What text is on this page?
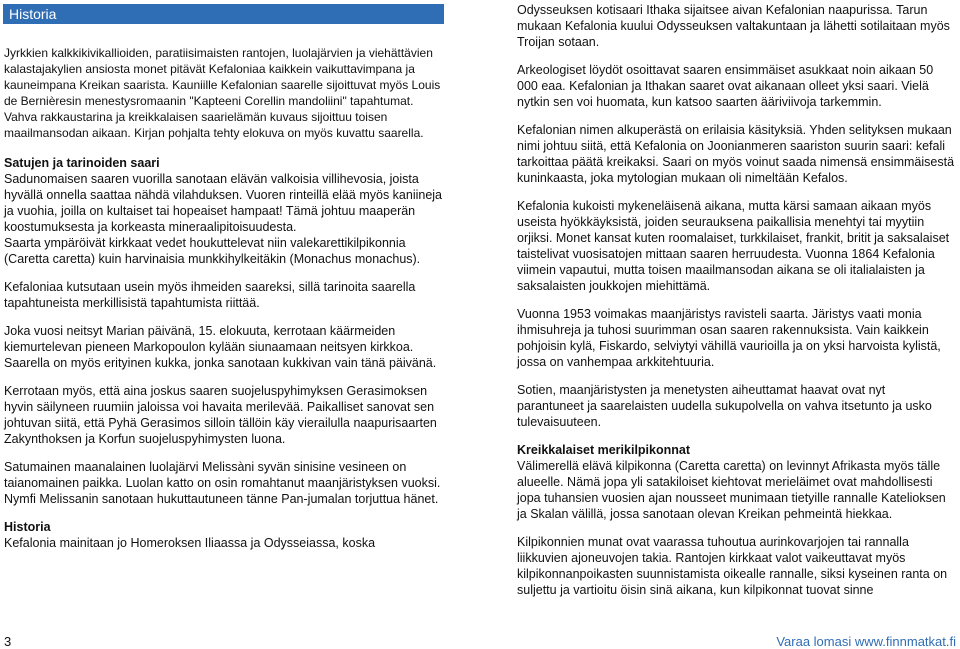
Historia

Jyrkkien kalkkikivikallioiden, paratiisimaisten rantojen, luolajärvien ja viehättävien kalastajakylien ansiosta monet pitävät Kefaloniaa kaikkein vaikuttavimpana ja kauneimpana Kreikan saarista. Kauniille Kefalonian saarelle sijoittuvat myös Louis de Bernièresin menestysromaanin "Kapteeni Corellin mandoliini" tapahtumat. Vahva rakkaustarina ja kreikkalaisen saarielämän kuvaus sijoittuu toisen maailmansodan aikaan. Kirjan pohjalta tehty elokuva on myös kuvattu saarella.

Satujen ja tarinoiden saari

Sadunomaisen saaren vuorilla sanotaan elävän valkoisia villihevosia, joista hyvällä onnella saattaa nähdä vilahduksen. Vuoren rinteillä elää myös kaniineja ja vuohia, joilla on kultaiset tai hopeaiset hampaat! Tämä johtuu maaperän koostumuksesta ja korkeasta mineraalipitoisuudesta.

Saarta ympäröivät kirkkaat vedet houkuttelevat niin valekarettikilpikonnia (Caretta caretta) kuin harvinaisia munkkihylkeitäkin (Monachus monachus).

Kefaloniaa kutsutaan usein myös ihmeiden saareksi, sillä tarinoita saarella tapahtuneista merkillisistä tapahtumista riittää.

Joka vuosi neitsyt Marian päivänä, 15. elokuuta, kerrotaan käärmeiden kiemurtelevan pieneen Markopoulon kylään siunaamaan neitsyen kirkkoa. Saarella on myös erityinen kukka, jonka sanotaan kukkivan vain tänä päivänä.

Kerrotaan myös, että aina joskus saaren suojeluspyhimyksen Gerasimoksen hyvin säilyneen ruumiin jaloissa voi havaita merilevää. Paikalliset sanovat sen johtuvan siitä, että Pyhä Gerasimos silloin tällöin käy vierailulla naapurisaarten Zakynthoksen ja Korfun suojeluspyhimysten luona.

Satumainen maanalainen luolajärvi Melissàni syvän sinisine vesineen on taianomainen paikka. Luolan katto on osin romahtanut maanjäristyksen vuoksi. Nymfi Melissanin sanotaan hukuttautuneen tänne Pan-jumalan torjuttua hänet.

Historia

Kefalonia mainitaan jo Homeroksen Iliaassa ja Odysseiassa, koska

Odysseuksen kotisaari Ithaka sijaitsee aivan Kefalonian naapurissa. Tarun mukaan Kefalonia kuului Odysseuksen valtakuntaan ja lähetti sotilaitaan myös Troijan sotaan.

Arkeologiset löydöt osoittavat saaren ensimmäiset asukkaat noin aikaan 50 000 eaa. Kefalonian ja Ithakan saaret ovat aikanaan olleet yksi saari. Vielä nytkin sen voi huomata, kun katsoo saarten ääriviivoja tarkemmin.

Kefalonian nimen alkuperästä on erilaisia käsityksiä. Yhden selityksen mukaan nimi johtuu siitä, että Kefalonia on Joonianmeren saariston suurin saari: kefali tarkoittaa päätä kreikaksi. Saari on myös voinut saada nimensä ensimmäisestä kuninkaasta, joka mytologian mukaan oli nimeltään Kefalos.

Kefalonia kukoisti mykeneläisenä aikana, mutta kärsi samaan aikaan myös useista hyökkäyksistä, joiden seurauksena paikallisia menehtyi tai myytiin orjiksi. Monet kansat kuten roomalaiset, turkkilaiset, frankit, britit ja saksalaiset taistelivat vuosisatojen mittaan saaren herruudesta. Vuonna 1864 Kefalonia viimein vapautui, mutta toisen maailmansodan aikana se oli italialaisten ja saksalaisten joukkojen miehittämä.

Vuonna 1953 voimakas maanjäristys ravisteli saarta. Järistys vaati monia ihmisuhreja ja tuhosi suurimman osan saaren rakennuksista. Vain kaikkein pohjoisin kylä, Fiskardo, selviytyi vähillä vaurioilla ja on yksi harvoista kylistä, jossa on vanhempaa arkkitehtuuria.

Sotien, maanjäristysten ja menetysten aiheuttamat haavat ovat nyt parantuneet ja saarelaisten uudella sukupolvella on vahva itsetunto ja usko tulevaisuuteen.

Kreikkalaiset merikilpikonnat

Välimerellä elävä kilpikonna (Caretta caretta) on levinnyt Afrikasta myös tälle alueelle. Nämä jopa yli satakiloiset kiehtovat merieläimet ovat mahdollisesti jopa tuhansien vuosien ajan nousseet munimaan tietyille rannalle Katelioksen ja Skalan välillä, jossa sanotaan olevan Kreikan pehmeintä hiekkaa.

Kilpikonnien munat ovat vaarassa tuhoutua aurinkovarjojen tai rannalla liikkuvien ajoneuvojen takia. Rantojen kirkkaat valot vaikeuttavat myös kilpikonnanpoikasten suunnistamista oikealle rannalle, siksi kyseinen ranta on suljettu ja vartioitu öisin sinä aikana, kun kilpikonnat tuovat sinne

3	Varaa lomasi www.finnmatkat.fi
